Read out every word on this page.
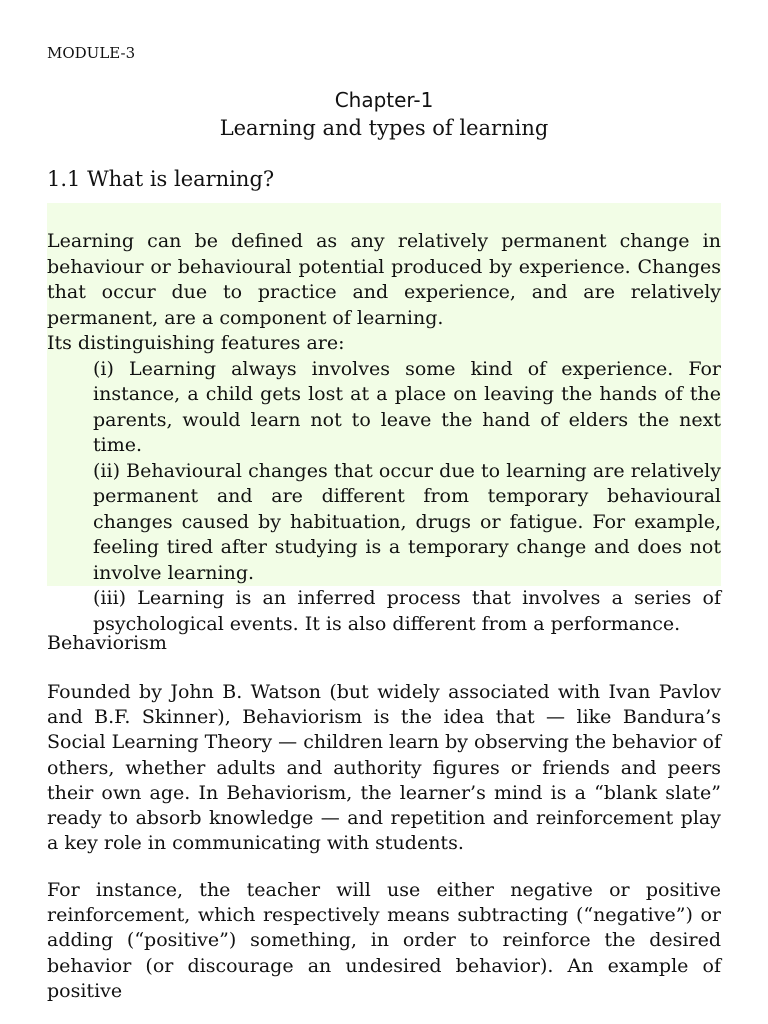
MODULE-3
Chapter-1
Learning and types of learning
1.1 What is learning?

Learning can be defined as any relatively permanent change in behaviour or behavioural potential produced by experience. Changes that occur due to practice and experience, and are relatively permanent, are a component of learning.

Its distinguishing features are:

(i) Learning always involves some kind of experience. For instance, a child gets lost at a place on leaving the hands of the parents, would learn not to leave the hand of elders the next time.

(ii) Behavioural changes that occur due to learning are relatively permanent and are different from temporary behavioural changes caused by habituation, drugs or fatigue. For example, feeling tired after studying is a temporary change and does not involve learning.

(iii) Learning is an inferred process that involves a series of psychological events. It is also different from a performance.

Behaviorism

Founded by John B. Watson (but widely associated with Ivan Pavlov and B.F. Skinner), Behaviorism is the idea that — like Bandura’s Social Learning Theory — children learn by observing the behavior of others, whether adults and authority figures or friends and peers their own age. In Behaviorism, the learner’s mind is a “blank slate” ready to absorb knowledge — and repetition and reinforcement play a key role in communicating with students.

For instance, the teacher will use either negative or positive reinforcement, which respectively means subtracting (“negative”) or adding (“positive”) something, in order to reinforce the desired behavior (or discourage an undesired behavior). An example of positive
